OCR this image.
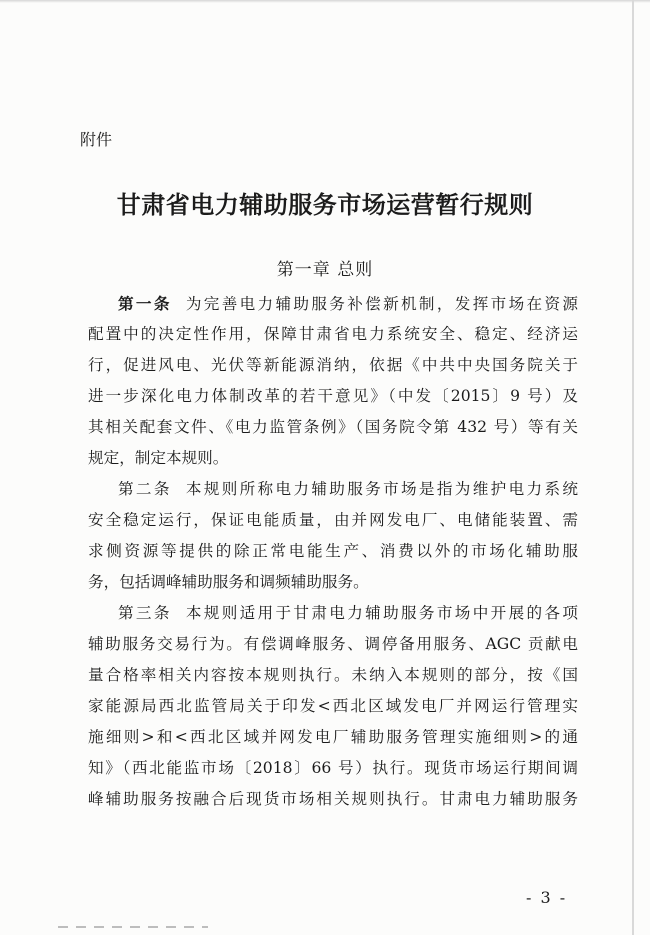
附件
甘肃省电力辅助服务市场运营暂行规则
第一章 总则
第一条 为完善电力辅助服务补偿新机制，发挥市场在资源
配置中的决定性作用，保障甘肃省电力系统安全、稳定、经济运
行，促进风电、光伏等新能源消纳，依据《中共中央国务院关于
进一步深化电力体制改革的若干意见》（中发〔2015〕9 号）及
其相关配套文件、《电力监管条例》（国务院令第 432 号）等有关
规定，制定本规则。
第二条 本规则所称电力辅助服务市场是指为维护电力系统
安全稳定运行，保证电能质量，由并网发电厂、电储能装置、需
求侧资源等提供的除正常电能生产、消费以外的市场化辅助服
务，包括调峰辅助服务和调频辅助服务。
第三条 本规则适用于甘肃电力辅助服务市场中开展的各项
辅助服务交易行为。有偿调峰服务、调停备用服务、AGC 贡献电
量合格率相关内容按本规则执行。未纳入本规则的部分，按《国
家能源局西北监管局关于印发<西北区域发电厂并网运行管理实
施细则>和<西北区域并网发电厂辅助服务管理实施细则>的通
知》（西北能监市场〔2018〕66 号）执行。现货市场运行期间调
峰辅助服务按融合后现货市场相关规则执行。甘肃电力辅助服务
- 3 -
